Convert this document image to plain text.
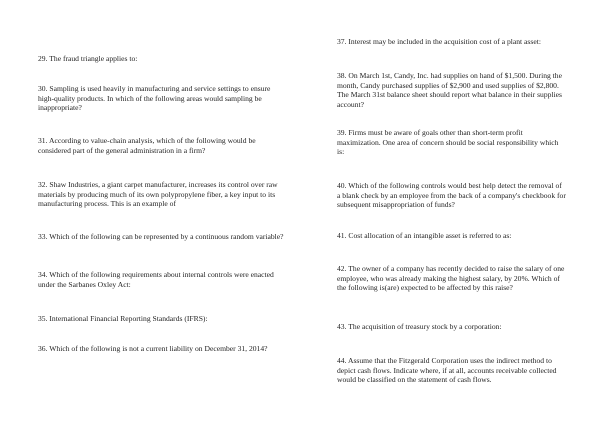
29. The fraud triangle applies to:

30. Sampling is used heavily in manufacturing and service settings to ensure high-quality products. In which of the following areas would sampling be inappropriate?

31. According to value-chain analysis, which of the following would be considered part of the general administration in a firm?

32. Shaw Industries, a giant carpet manufacturer, increases its control over raw materials by producing much of its own polypropylene fiber, a key input to its manufacturing process. This is an example of

33. Which of the following can be represented by a continuous random variable?

34. Which of the following requirements about internal controls were enacted under the Sarbanes Oxley Act:

35. International Financial Reporting Standards (IFRS):

36. Which of the following is not a current liability on December 31, 2014?

37. Interest may be included in the acquisition cost of a plant asset:

38. On March 1st, Candy, Inc. had supplies on hand of $1,500. During the month, Candy purchased supplies of $2,900 and used supplies of $2,800. The March 31st balance sheet should report what balance in their supplies account?

39. Firms must be aware of goals other than short-term profit maximization. One area of concern should be social responsibility which is:

40. Which of the following controls would best help detect the removal of a blank check by an employee from the back of a company's checkbook for subsequent misappropriation of funds?

41. Cost allocation of an intangible asset is referred to as:

42. The owner of a company has recently decided to raise the salary of one employee, who was already making the highest salary, by 20%. Which of the following is(are) expected to be affected by this raise?

43. The acquisition of treasury stock by a corporation:

44. Assume that the Fitzgerald Corporation uses the indirect method to depict cash flows. Indicate where, if at all, accounts receivable collected would be classified on the statement of cash flows.
